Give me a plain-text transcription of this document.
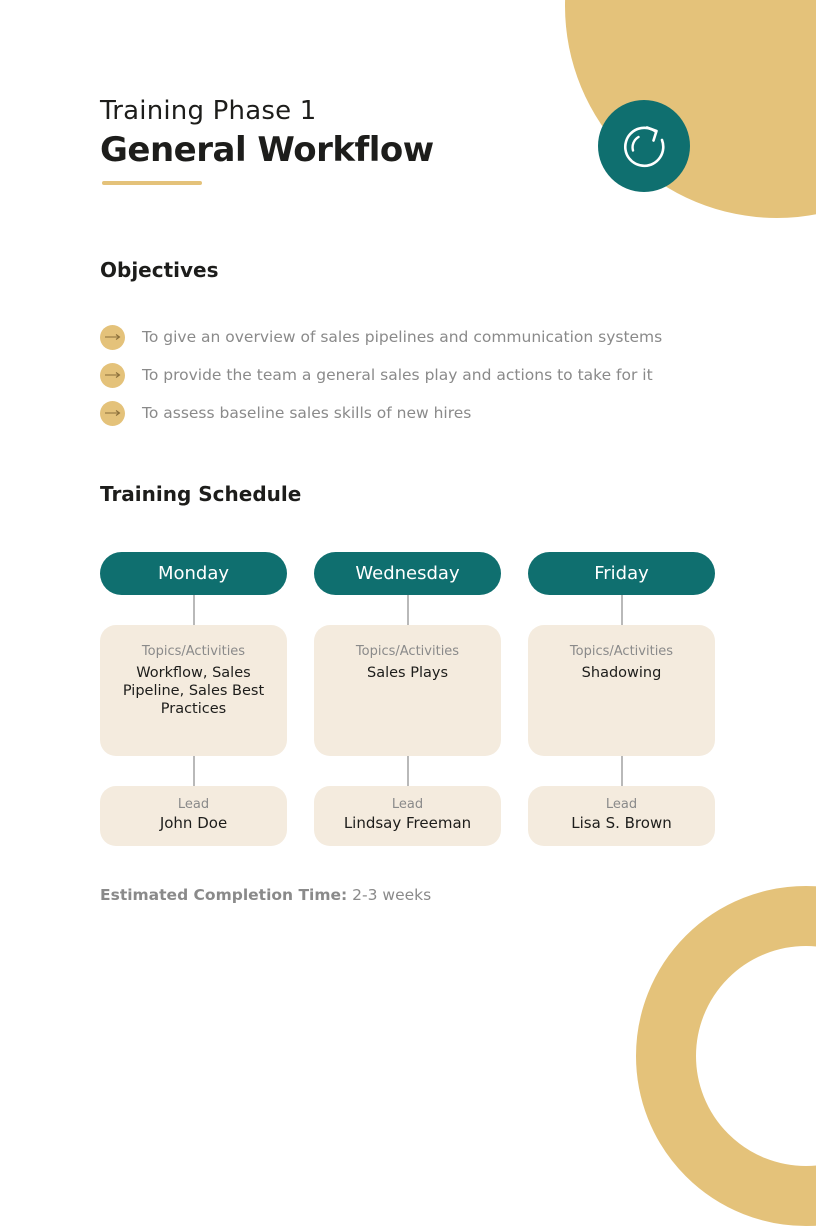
Training Phase 1
General Workflow
Objectives
To give an overview of sales pipelines and communication systems
To provide the team a general sales play and actions to take for it
To assess baseline sales skills of new hires
Training Schedule
Monday
Topics/Activities
Workflow, Sales Pipeline, Sales Best Practices
Lead
John Doe
Wednesday
Topics/Activities
Sales Plays
Lead
Lindsay Freeman
Friday
Topics/Activities
Shadowing
Lead
Lisa S. Brown
Estimated Completion Time: 2-3 weeks
